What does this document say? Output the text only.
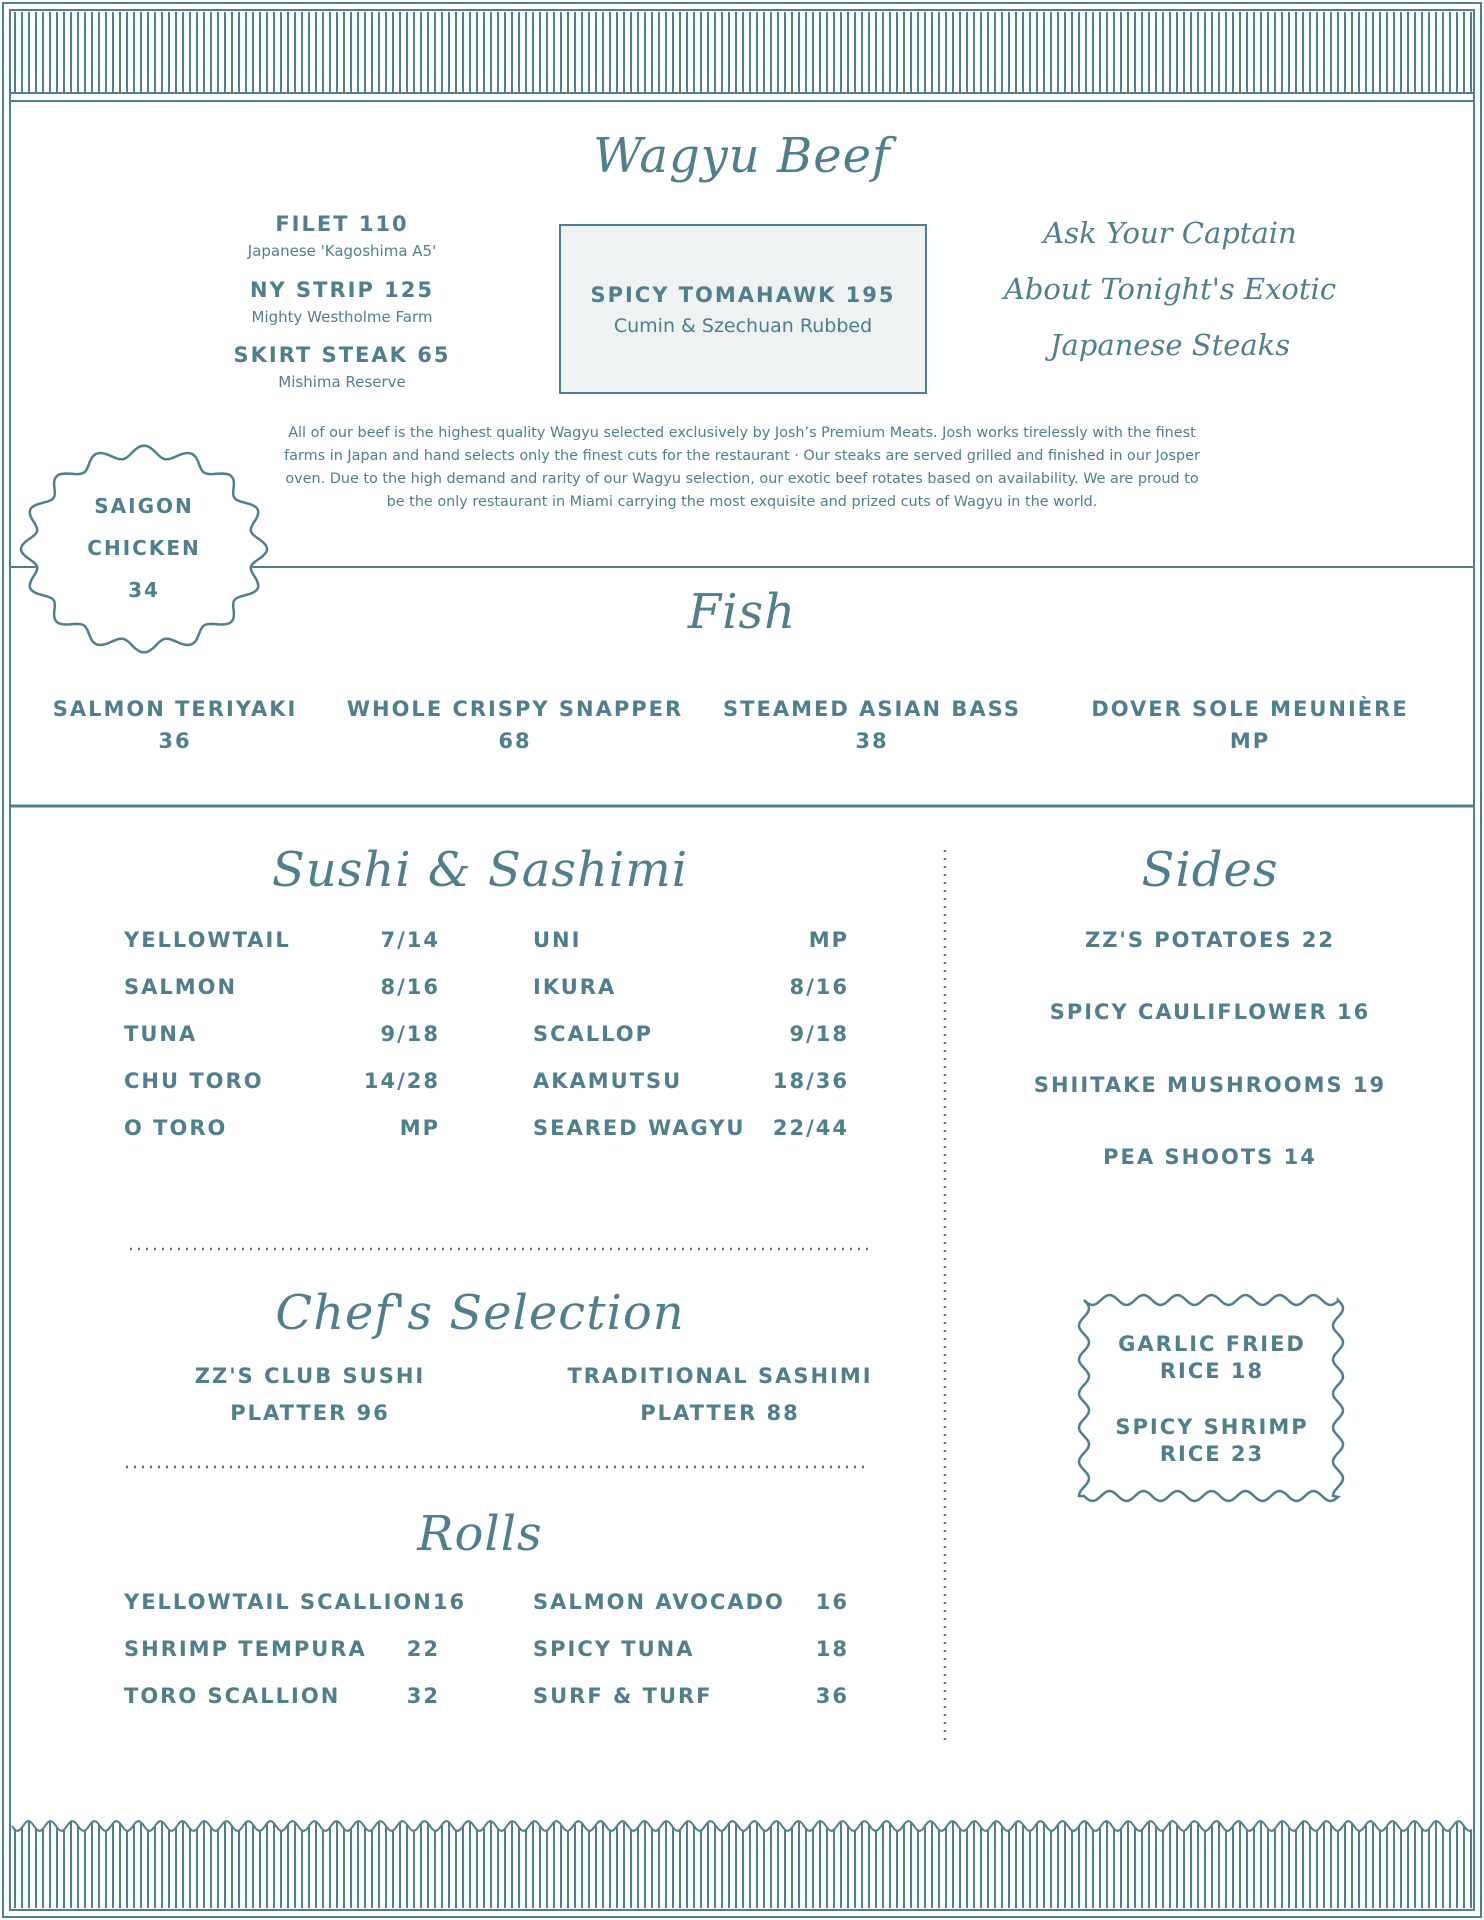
Wagyu Beef
FILET 110
Japanese 'Kagoshima A5'
NY STRIP 125
Mighty Westholme Farm
SKIRT STEAK 65
Mishima Reserve
SPICY TOMAHAWK 195
Cumin & Szechuan Rubbed
Ask Your Captain
About Tonight's Exotic
Japanese Steaks
All of our beef is the highest quality Wagyu selected exclusively by Josh’s Premium Meats. Josh works tirelessly with the finest farms in Japan and hand selects only the finest cuts for the restaurant · Our steaks are served grilled and finished in our Josper oven. Due to the high demand and rarity of our Wagyu selection, our exotic beef rotates based on availability. We are proud to be the only restaurant in Miami carrying the most exquisite and prized cuts of Wagyu in the world.
SAIGON
CHICKEN
34	Fish
SALMON TERIYAKI
36
WHOLE CRISPY SNAPPER
68
STEAMED ASIAN BASS
38
DOVER SOLE MEUNIÈRE
MP
Sushi & Sashimi
YELLOWTAIL	7/14
SALMON	8/16
TUNA	9/18
CHU TORO	14/28
O TORO	MP
UNI	MP
IKURA	8/16
SCALLOP	9/18
AKAMUTSU	18/36
SEARED WAGYU 22/44
Chef's Selection
ZZ'S CLUB SUSHI
PLATTER 96
TRADITIONAL SASHIMI
PLATTER 88
Rolls
YELLOWTAIL SCALLION 16
SHRIMP TEMPURA 22
TORO SCALLION	32
SALMON AVOCADO 16
SPICY TUNA	18
SURF & TURF	36
Sides
ZZ'S POTATOES 22
SPICY CAULIFLOWER 16
SHIITAKE MUSHROOMS 19
PEA SHOOTS 14
GARLIC FRIED
RICE 18
SPICY SHRIMP
RICE 23
